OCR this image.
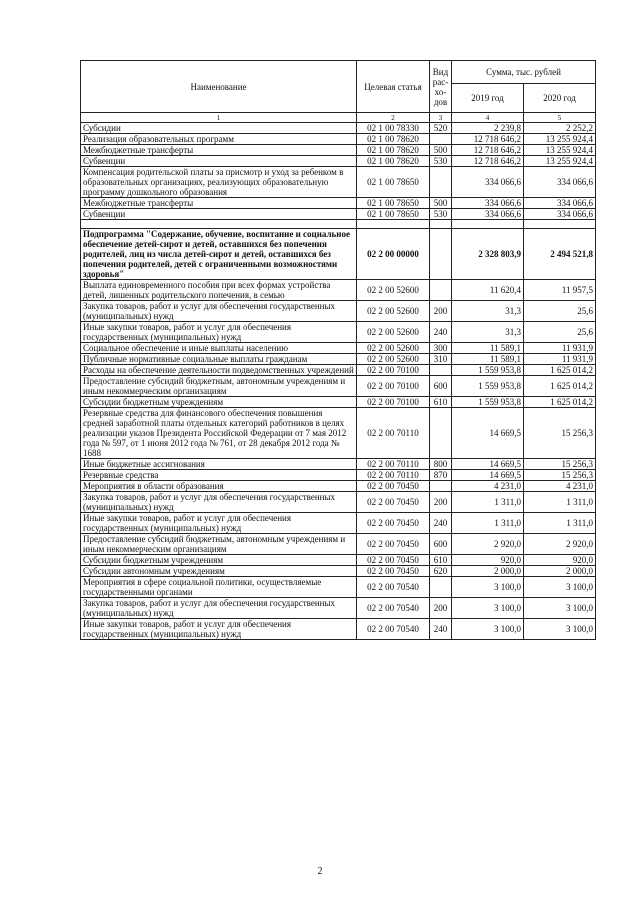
Наименование	Целевая статья	Вид рас-хо-дов	Сумма, тыс. рублей	
			2019 год	2020 год
1	2	3	4	5
Субсидии	02 1 00 78330	520	2 239,8	2 252,2
Реализация образовательных программ	02 1 00 78620		12 718 646,2	13 255 924,4
Межбюджетные трансферты	02 1 00 78620	500	12 718 646,2	13 255 924,4
Субвенции	02 1 00 78620	530	12 718 646,2	13 255 924,4
Компенсация родительской платы за присмотр и уход за ребенком в образовательных организациях, реализующих образовательную программу дошкольного образования	02 1 00 78650		334 066,6	334 066,6
Межбюджетные трансферты	02 1 00 78650	500	334 066,6	334 066,6
Субвенции	02 1 00 78650	530	334 066,6	334 066,6

Подпрограмма "Содержание, обучение, воспитание и социальное обеспечение детей-сирот и детей, оставшихся без попечения родителей, лиц из числа детей-сирот и детей, оставшихся без попечения родителей, детей с ограниченными возможностями здоровья"	02 2 00 00000		2 328 803,9	2 494 521,8
Выплата единовременного пособия при всех формах устройства детей, лишенных родительского попечения, в семью	02 2 00 52600		11 620,4	11 957,5
Закупка товаров, работ и услуг для обеспечения государственных (муниципальных) нужд	02 2 00 52600	200	31,3	25,6
Иные закупки товаров, работ и услуг для обеспечения государственных (муниципальных) нужд	02 2 00 52600	240	31,3	25,6
Социальное обеспечение и иные выплаты населению	02 2 00 52600	300	11 589,1	11 931,9
Публичные нормативные социальные выплаты гражданам	02 2 00 52600	310	11 589,1	11 931,9
Расходы на обеспечение деятельности подведомственных учреждений	02 2 00 70100		1 559 953,8	1 625 014,2
Предоставление субсидий бюджетным, автономным учреждениям и иным некоммерческим организациям	02 2 00 70100	600	1 559 953,8	1 625 014,2
Субсидии бюджетным учреждениям	02 2 00 70100	610	1 559 953,8	1 625 014,2
Резервные средства для финансового обеспечения повышения средней заработной платы отдельных категорий работников в целях реализации указов Президента Российской Федерации от 7 мая 2012 года № 597, от 1 июня 2012 года № 761, от 28 декабря 2012 года № 1688	02 2 00 70110		14 669,5	15 256,3
Иные бюджетные ассигнования	02 2 00 70110	800	14 669,5	15 256,3
Резервные средства	02 2 00 70110	870	14 669,5	15 256,3
Мероприятия в области образования	02 2 00 70450		4 231,0	4 231,0
Закупка товаров, работ и услуг для обеспечения государственных (муниципальных) нужд	02 2 00 70450	200	1 311,0	1 311,0
Иные закупки товаров, работ и услуг для обеспечения государственных (муниципальных) нужд	02 2 00 70450	240	1 311,0	1 311,0
Предоставление субсидий бюджетным, автономным учреждениям и иным некоммерческим организациям	02 2 00 70450	600	2 920,0	2 920,0
Субсидии бюджетным учреждениям	02 2 00 70450	610	920,0	920,0
Субсидии автономным учреждениям	02 2 00 70450	620	2 000,0	2 000,0
Мероприятия в сфере социальной политики, осуществляемые государственными органами	02 2 00 70540		3 100,0	3 100,0
Закупка товаров, работ и услуг для обеспечения государственных (муниципальных) нужд	02 2 00 70540	200	3 100,0	3 100,0
Иные закупки товаров, работ и услуг для обеспечения государственных (муниципальных) нужд	02 2 00 70540	240	3 100,0	3 100,0
2
